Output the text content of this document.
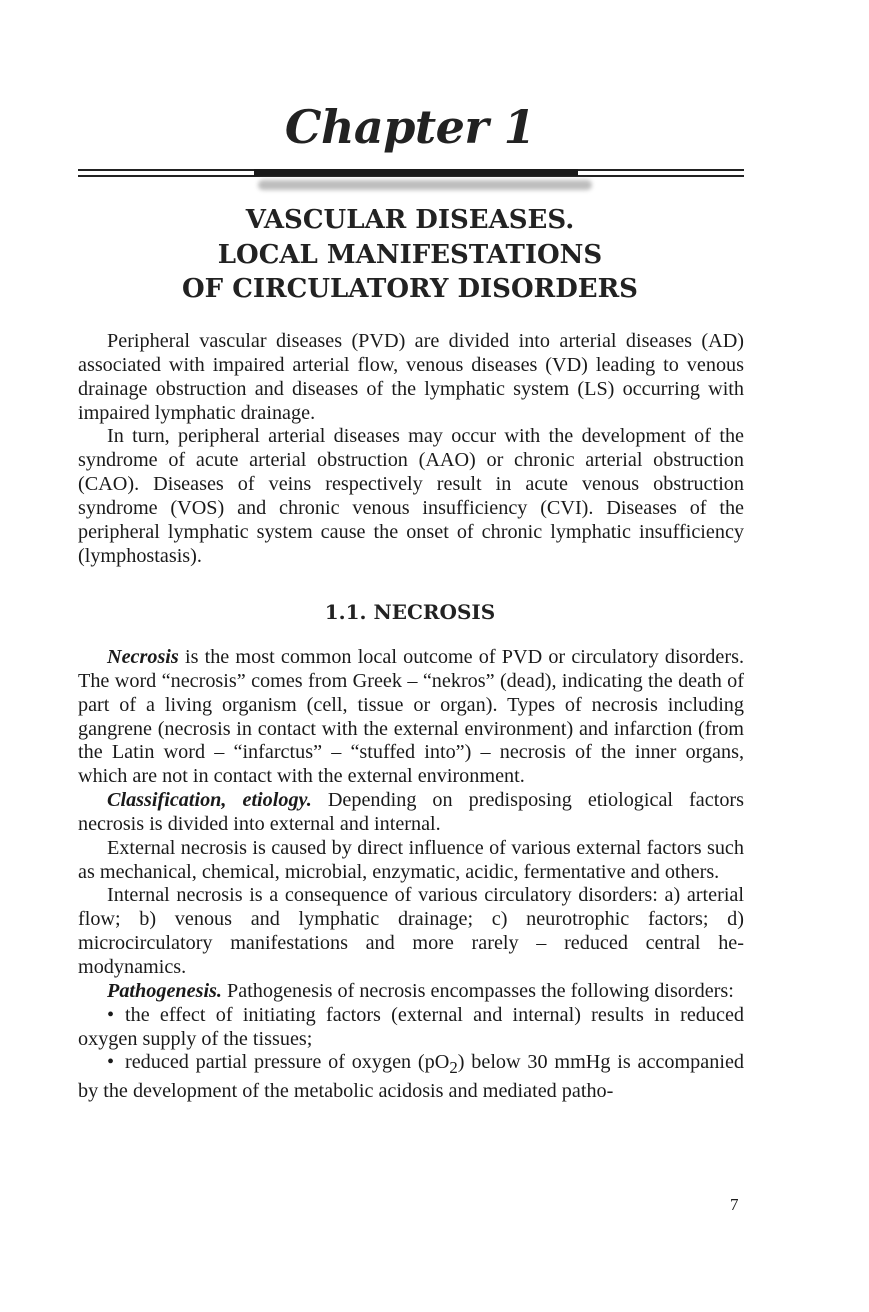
Chapter 1
VASCULAR DISEASES.
LOCAL MANIFESTATIONS
OF CIRCULATORY DISORDERS

Peripheral vascular diseases (PVD) are divided into arterial diseases (AD) associated with impaired arterial flow, venous diseases (VD) leading to venous drainage obstruction and diseases of the lymphatic system (LS) occurring with impaired lymphatic drainage.

In turn, peripheral arterial diseases may occur with the development of the syndrome of acute arterial obstruction (AAO) or chronic arterial obstruction (CAO). Diseases of veins respectively result in acute venous obstruction syndrome (VOS) and chronic venous insufficiency (CVI). Diseases of the peripheral lymphatic system cause the onset of chronic lymphatic insufficiency (lymphostasis).

1.1. NECROSIS

Necrosis is the most common local outcome of PVD or circulatory disorders. The word “necrosis” comes from Greek – “nekros” (dead), indicating the death of part of a living organism (cell, tissue or organ). Types of necrosis including gangrene (necrosis in contact with the external environment) and infarction (from the Latin word – “infarctus” – “stuffed into”) – necrosis of the inner organs, which are not in contact with the external environment.

Classification, etiology. Depending on predisposing etiological factors necrosis is divided into external and internal.

External necrosis is caused by direct influence of various external factors such as mechanical, chemical, microbial, enzymatic, acidic, fermentative and others.

Internal necrosis is a consequence of various circulatory disorders: a) arterial flow; b) venous and lymphatic drainage; c) neurotrophic factors; d) microcirculatory manifestations and more rarely – reduced central hemodynamics.

Pathogenesis. Pathogenesis of necrosis encompasses the following disorders:

• the effect of initiating factors (external and internal) results in reduced oxygen supply of the tissues;

• reduced partial pressure of oxygen $(pO_2)$ below 30 mmHg is accompanied by the development of the metabolic acidosis and mediated patho-

7
